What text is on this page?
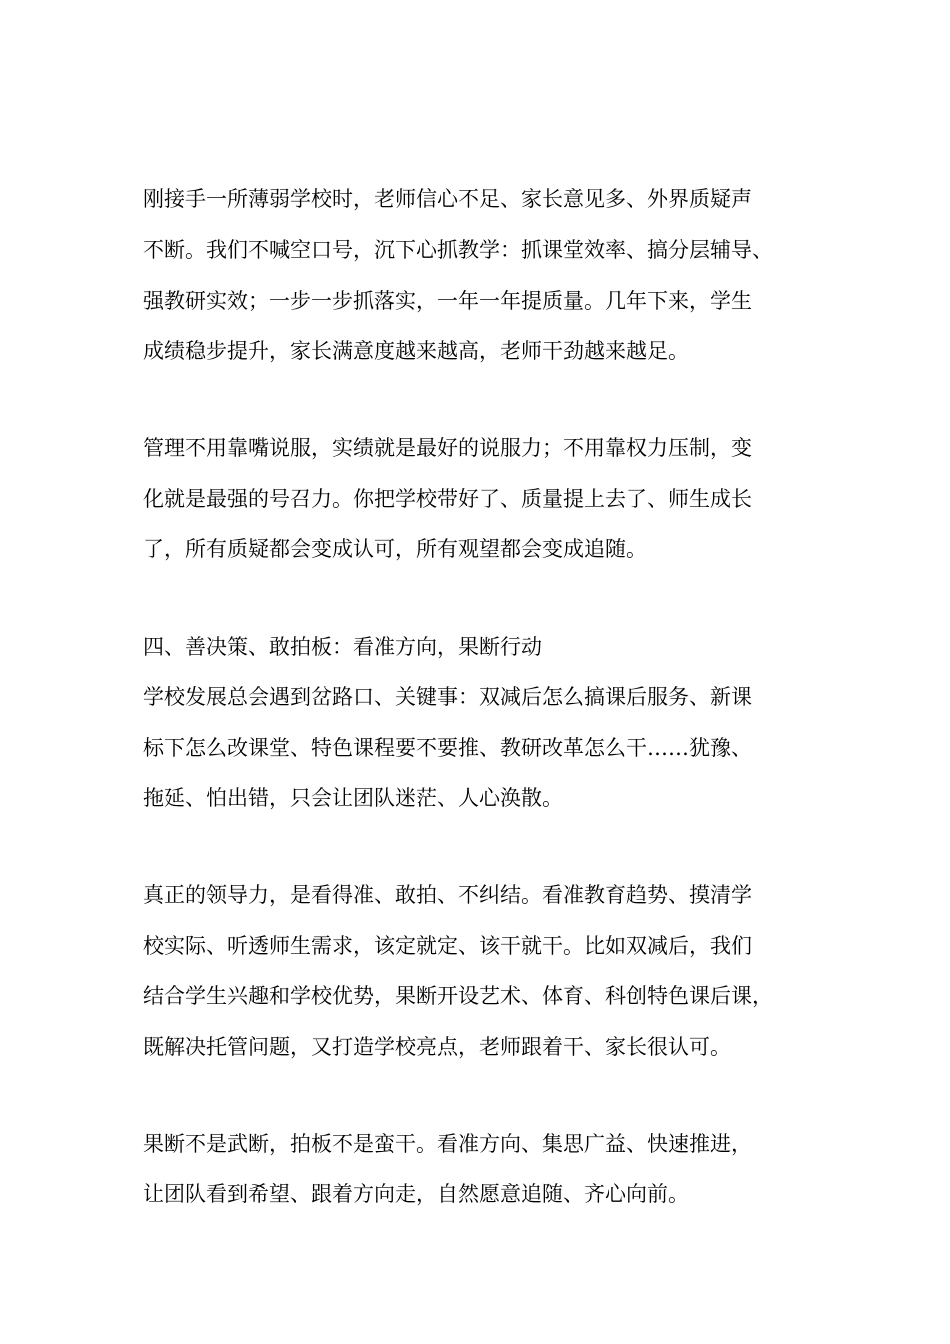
刚接手一所薄弱学校时，老师信心不足、家长意见多、外界质疑声
不断。我们不喊空口号，沉下心抓教学：抓课堂效率、搞分层辅导、
强教研实效；一步一步抓落实，一年一年提质量。几年下来，学生
成绩稳步提升，家长满意度越来越高，老师干劲越来越足。
管理不用靠嘴说服，实绩就是最好的说服力；不用靠权力压制，变
化就是最强的号召力。你把学校带好了、质量提上去了、师生成长
了，所有质疑都会变成认可，所有观望都会变成追随。
四、善决策、敢拍板：看准方向，果断行动
学校发展总会遇到岔路口、关键事：双减后怎么搞课后服务、新课
标下怎么改课堂、特色课程要不要推、教研改革怎么干……犹豫、
拖延、怕出错，只会让团队迷茫、人心涣散。
真正的领导力，是看得准、敢拍、不纠结。看准教育趋势、摸清学
校实际、听透师生需求，该定就定、该干就干。比如双减后，我们
结合学生兴趣和学校优势，果断开设艺术、体育、科创特色课后课，
既解决托管问题，又打造学校亮点，老师跟着干、家长很认可。
果断不是武断，拍板不是蛮干。看准方向、集思广益、快速推进，
让团队看到希望、跟着方向走，自然愿意追随、齐心向前。
